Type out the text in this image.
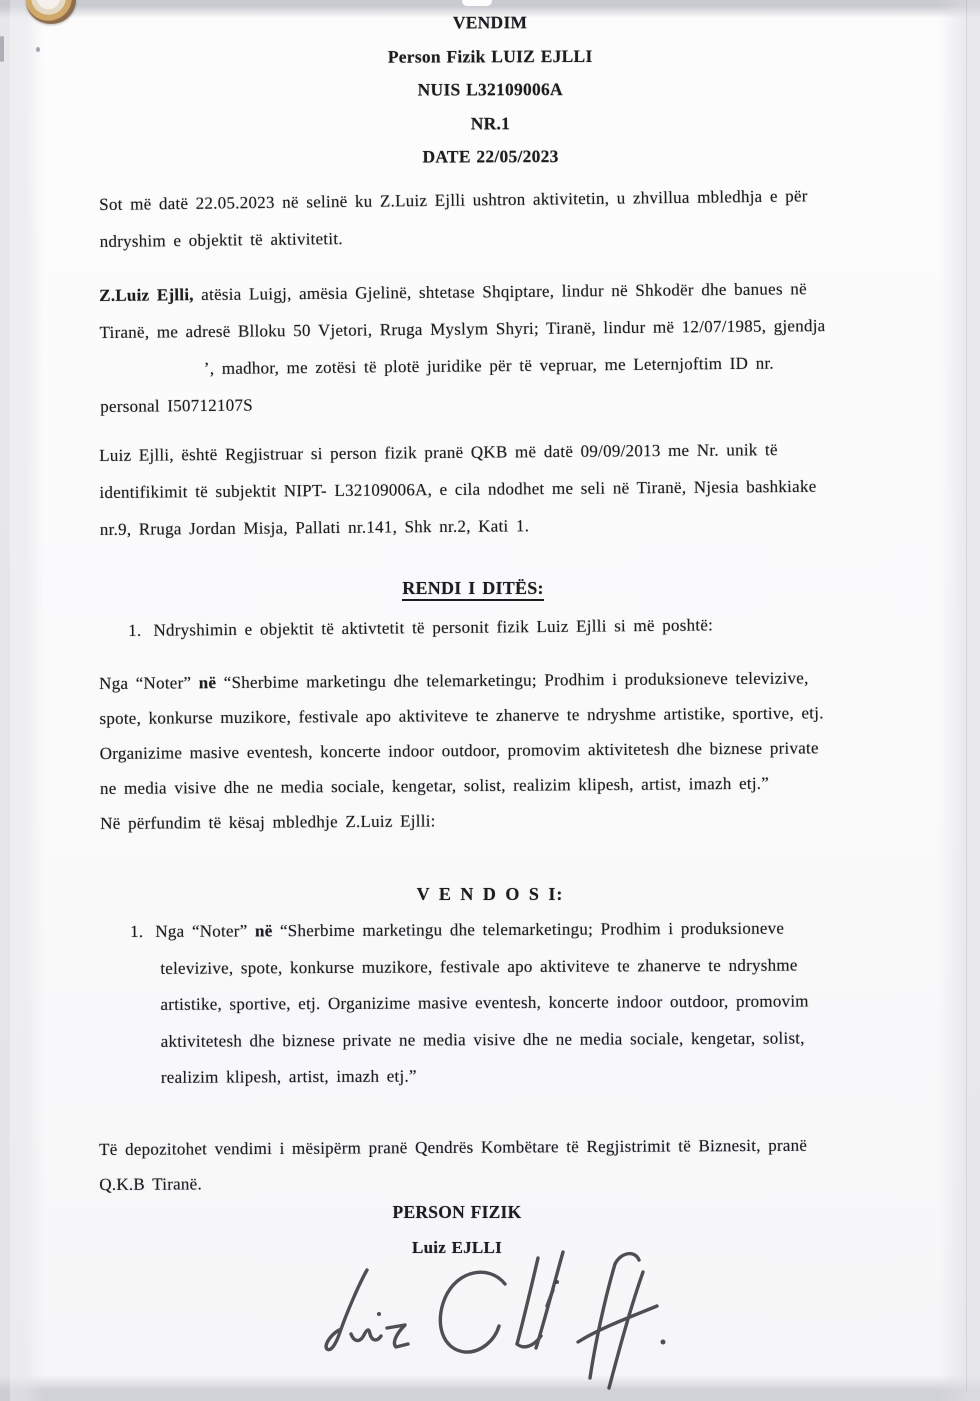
VENDIM
Person Fizik LUIZ EJLLI
NUIS L32109006A
NR.1
DATE 22/05/2023
Sot më datë 22.05.2023 në selinë ku Z.Luiz Ejlli ushtron aktivitetin, u zhvillua mbledhja e për
ndryshim e objektit të aktivitetit.
Z.Luiz Ejlli, atësia Luigj, amësia Gjelinë, shtetase Shqiptare, lindur në Shkodër dhe banues në
Tiranë, me adresë Blloku 50 Vjetori, Rruga Myslym Shyri; Tiranë, lindur më 12/07/1985, gjendja
’, madhor, me zotësi të plotë juridike për të vepruar, me Leternjoftim ID nr.
personal I50712107S
Luiz Ejlli, është Regjistruar si person fizik pranë QKB më datë 09/09/2013 me Nr. unik të
identifikimit të subjektit NIPT- L32109006A, e cila ndodhet me seli në Tiranë, Njesia bashkiake
nr.9, Rruga Jordan Misja, Pallati nr.141, Shk nr.2, Kati 1.
RENDI I DITËS:
1. Ndryshimin e objektit të aktivtetit të personit fizik Luiz Ejlli si më poshtë:
Nga “Noter” në “Sherbime marketingu dhe telemarketingu; Prodhim i produksioneve televizive,
spote, konkurse muzikore, festivale apo aktiviteve te zhanerve te ndryshme artistike, sportive, etj.
Organizime masive eventesh, koncerte indoor outdoor, promovim aktivitetesh dhe biznese private
ne media visive dhe ne media sociale, kengetar, solist, realizim klipesh, artist, imazh etj.”
Në përfundim të kësaj mbledhje Z.Luiz Ejlli:
V E N D O S I:
1. Nga “Noter” në “Sherbime marketingu dhe telemarketingu; Prodhim i produksioneve
televizive, spote, konkurse muzikore, festivale apo aktiviteve te zhanerve te ndryshme
artistike, sportive, etj. Organizime masive eventesh, koncerte indoor outdoor, promovim
aktivitetesh dhe biznese private ne media visive dhe ne media sociale, kengetar, solist,
realizim klipesh, artist, imazh etj.”
Të depozitohet vendimi i mësipërm pranë Qendrës Kombëtare të Regjistrimit të Biznesit, pranë
Q.K.B Tiranë.
PERSON FIZIK
Luiz EJLLI
